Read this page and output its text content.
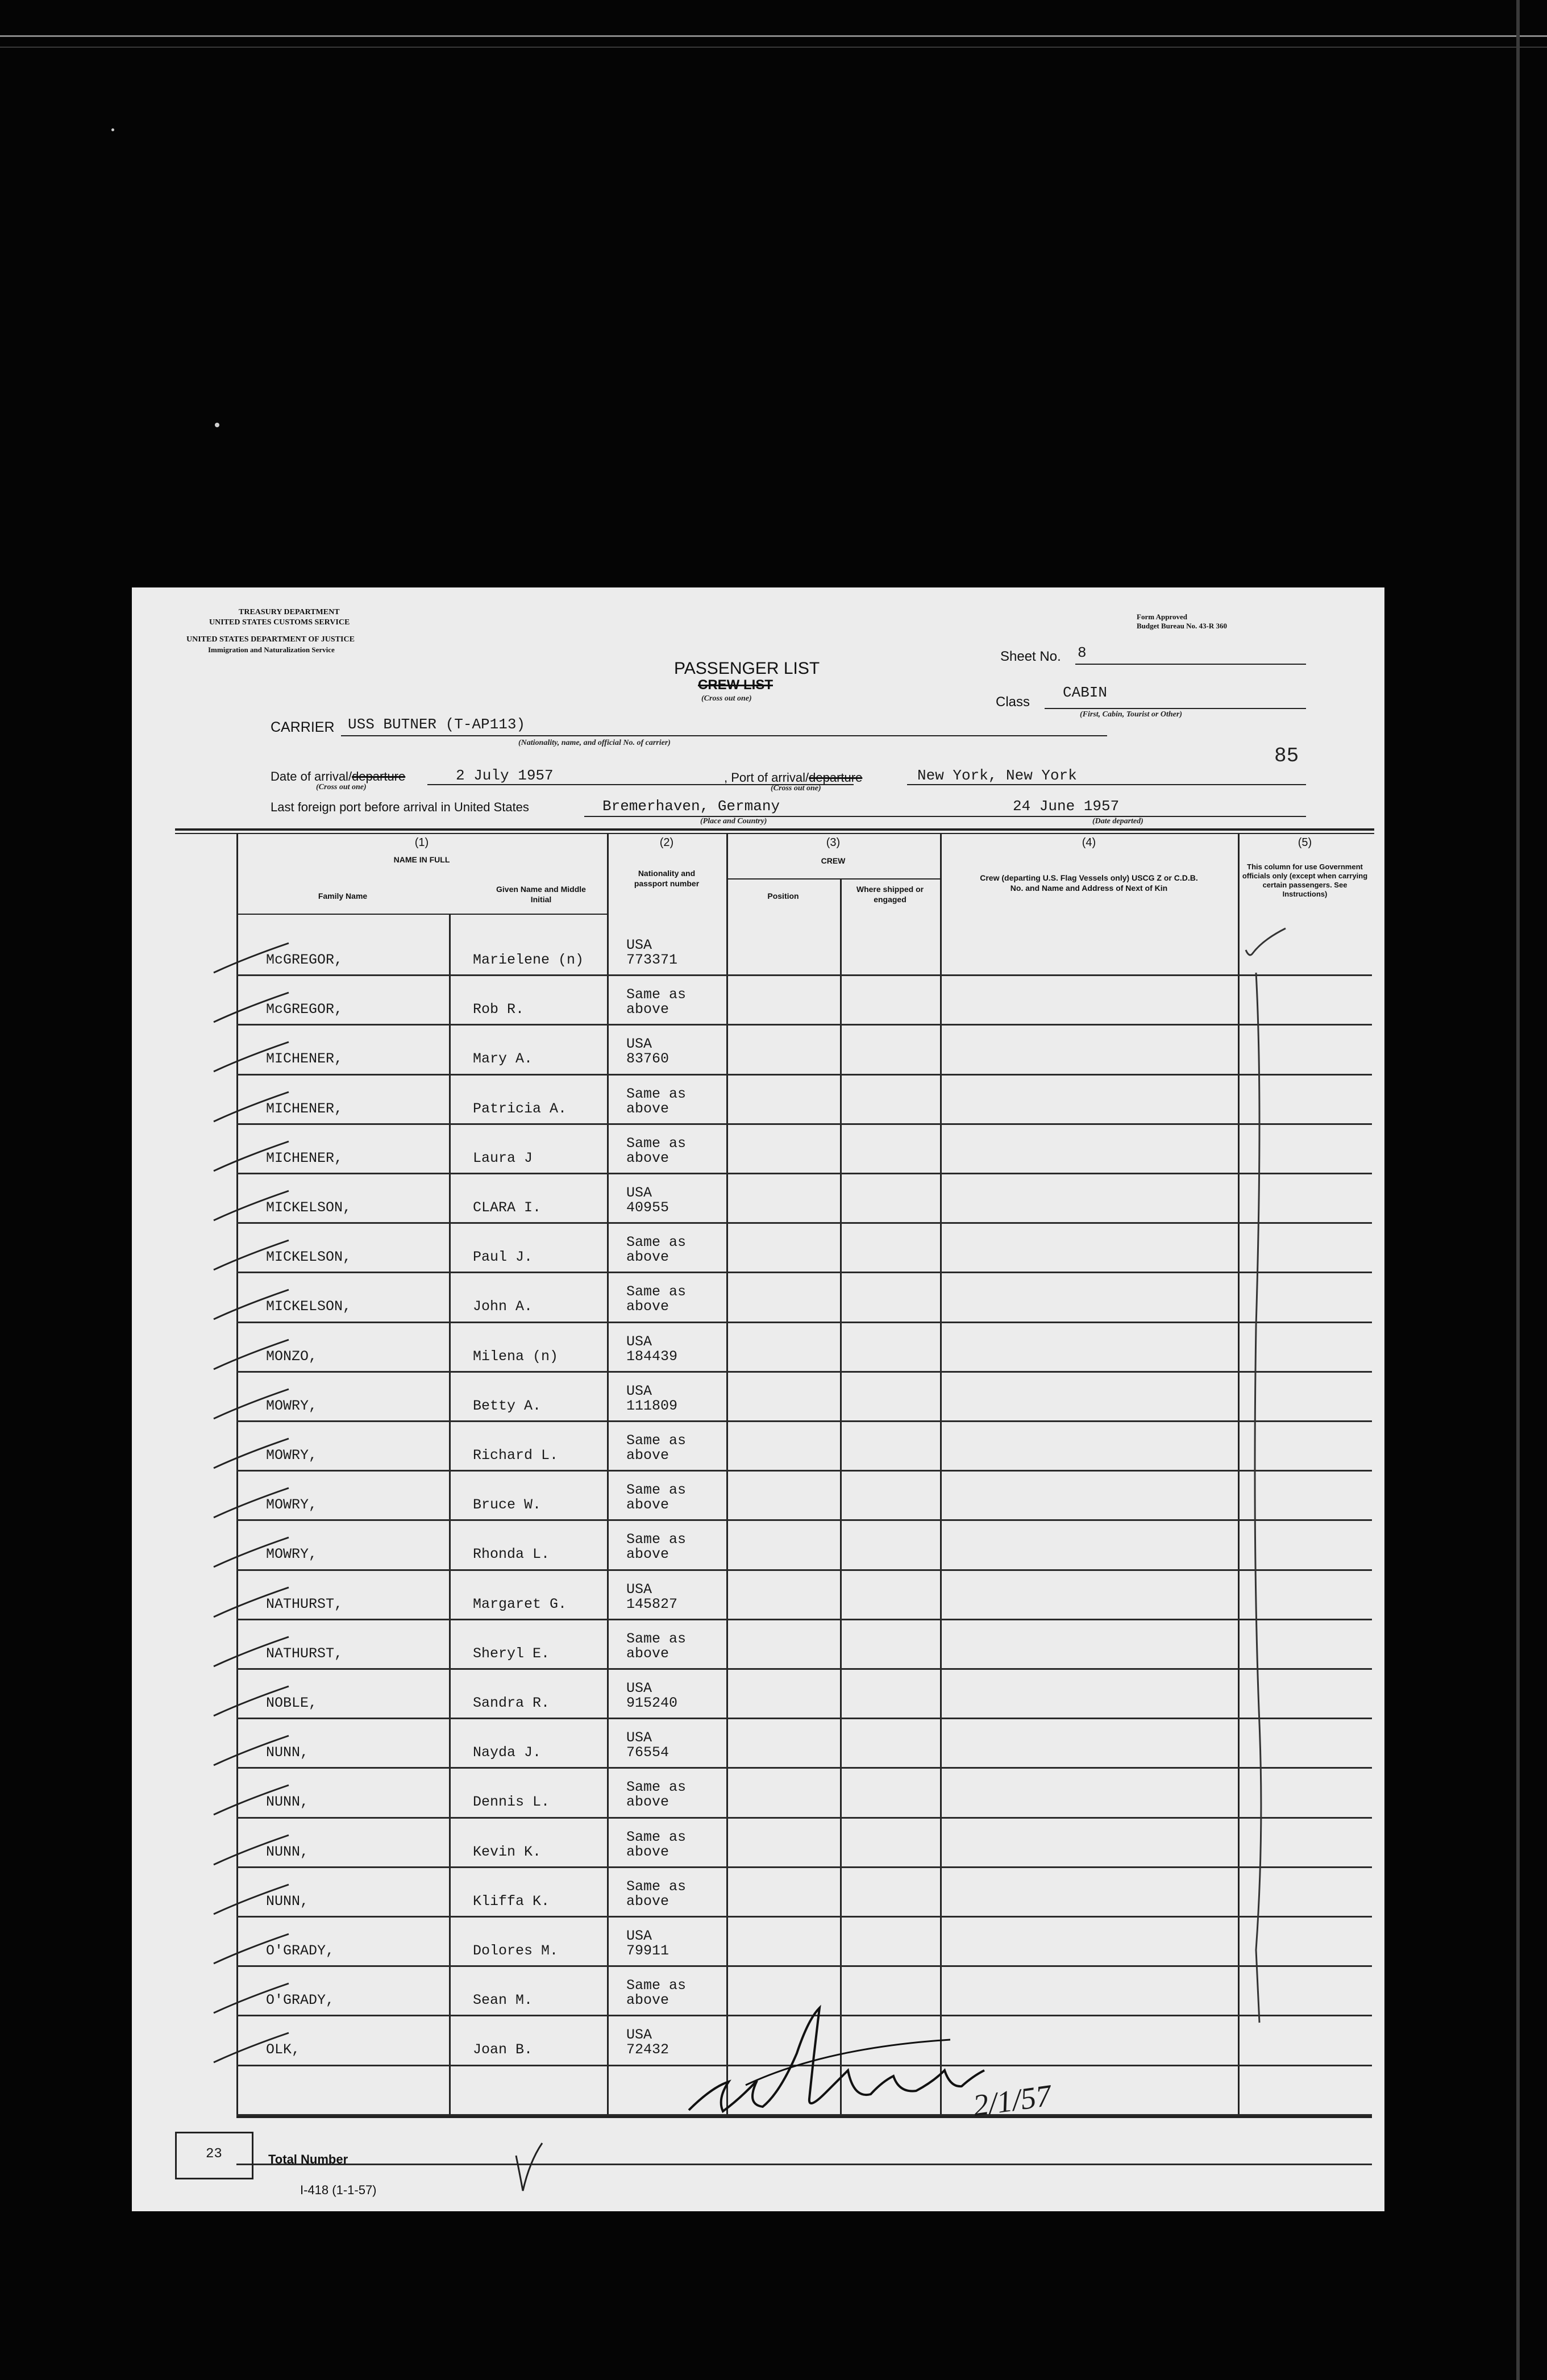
TREASURY DEPARTMENT
UNITED STATES CUSTOMS SERVICE
UNITED STATES DEPARTMENT OF JUSTICE
Immigration and Naturalization Service
Form Approved
Budget Bureau No. 43-R 360
PASSENGER LIST
CREW LIST
(Cross out one)
Sheet No. 8
Class
CABIN
(First, Cabin, Tourist or Other)
85
CARRIER USS BUTNER (T-AP113)
(Nationality, name, and official No. of carrier)
Date of arrival/departure
(Cross out one)
2 July 1957	, Port of arrival/departure
(Cross out one)
New York, New York
Last foreign port before arrival in United States	Bremerhaven, Germany
(Place and Country)
24 June 1957
(Date departed)
(1)
NAME IN FULL
Family Name
Given Name and Middle Initial
(2)
Nationality and passport number
(3)
CREW
Position
Where shipped or engaged
(4)
Crew (departing U.S. Flag Vessels only) USCG Z or C.D.B. No. and Name and Address of Next of Kin
(5)
This column for use Government officials only (except when carrying certain passengers. See Instructions)
McGREGOR,	Marielene (n)
USA
773371
McGREGOR,	Rob R.
Same as
above
MICHENER,	Mary A.
USA
83760
MICHENER,	Patricia A.
Same as
above
MICHENER,	Laura J
Same as
above
MICKELSON,	CLARA I.
USA
40955
MICKELSON,	Paul J.
Same as
above
MICKELSON,	John A.
Same as
above
MONZO,	Milena (n)
USA
184439
MOWRY,	Betty A.
USA
111809
MOWRY,	Richard L.
Same as
above
MOWRY,	Bruce W.
Same as
above
MOWRY,	Rhonda L.
Same as
above
NATHURST,	Margaret G.
USA
145827
NATHURST,	Sheryl E.
Same as
above
NOBLE,	Sandra R.
USA
915240
NUNN,	Nayda J.
USA
76554
NUNN,	Dennis L.
Same as
above
NUNN,	Kevin K.
Same as
above
NUNN,	Kliffa K.
Same as
above
O'GRADY,	Dolores M.
USA
79911
O'GRADY,	Sean M.
Same as
above
OLK,	Joan B.
USA
72432
2/1/57
23	Total Number
I-418 (1-1-57)
